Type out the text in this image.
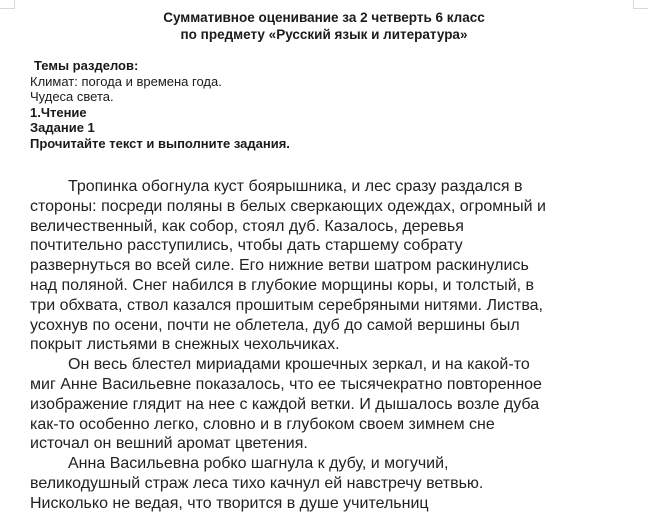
Суммативное оценивание за 2 четверть 6 класс
по предмету «Русский язык и литература»
Темы разделов:
Климат: погода и времена года.
Чудеса света.
1.Чтение
Задание 1
Прочитайте текст и выполните задания.
Тропинка обогнула куст боярышника, и лес сразу раздался в
стороны: посреди поляны в белых сверкающих одеждах, огромный и
величественный, как собор, стоял дуб. Казалось, деревья
почтительно расступились, чтобы дать старшему собрату
развернуться во всей силе. Его нижние ветви шатром раскинулись
над поляной. Снег набился в глубокие морщины коры, и толстый, в
три обхвата, ствол казался прошитым серебряными нитями. Листва,
усохнув по осени, почти не облетела, дуб до самой вершины был
покрыт листьями в снежных чехольчиках.
Он весь блестел мириадами крошечных зеркал, и на какой-то
миг Анне Васильевне показалось, что ее тысячекратно повторенное
изображение глядит на нее с каждой ветки. И дышалось возле дуба
как-то особенно легко, словно и в глубоком своем зимнем сне
источал он вешний аромат цветения.
Анна Васильевна робко шагнула к дубу, и могучий,
великодушный страж леса тихо качнул ей навстречу ветвью.
Нисколько не ведая, что творится в душе учительниц
